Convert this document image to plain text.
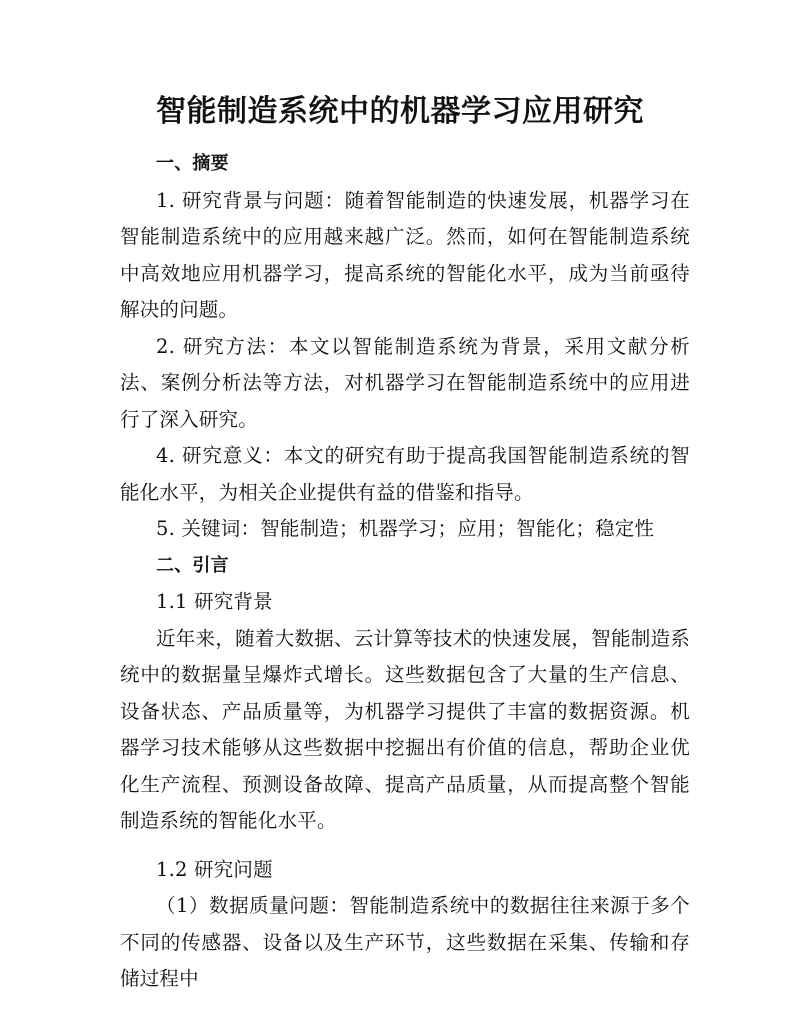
智能制造系统中的机器学习应用研究

一、摘要

1. 研究背景与问题：随着智能制造的快速发展，机器学习在智能制造系统中的应用越来越广泛。然而，如何在智能制造系统中高效地应用机器学习，提高系统的智能化水平，成为当前亟待解决的问题。

2. 研究方法：本文以智能制造系统为背景，采用文献分析法、案例分析法等方法，对机器学习在智能制造系统中的应用进行了深入研究。

4. 研究意义：本文的研究有助于提高我国智能制造系统的智能化水平，为相关企业提供有益的借鉴和指导。

5. 关键词：智能制造；机器学习；应用；智能化；稳定性

二、引言

1.1 研究背景

近年来，随着大数据、云计算等技术的快速发展，智能制造系统中的数据量呈爆炸式增长。这些数据包含了大量的生产信息、设备状态、产品质量等，为机器学习提供了丰富的数据资源。机器学习技术能够从这些数据中挖掘出有价值的信息，帮助企业优化生产流程、预测设备故障、提高产品质量，从而提高整个智能制造系统的智能化水平。

1.2 研究问题

（1）数据质量问题：智能制造系统中的数据往往来源于多个不同的传感器、设备以及生产环节，这些数据在采集、传输和存储过程中
